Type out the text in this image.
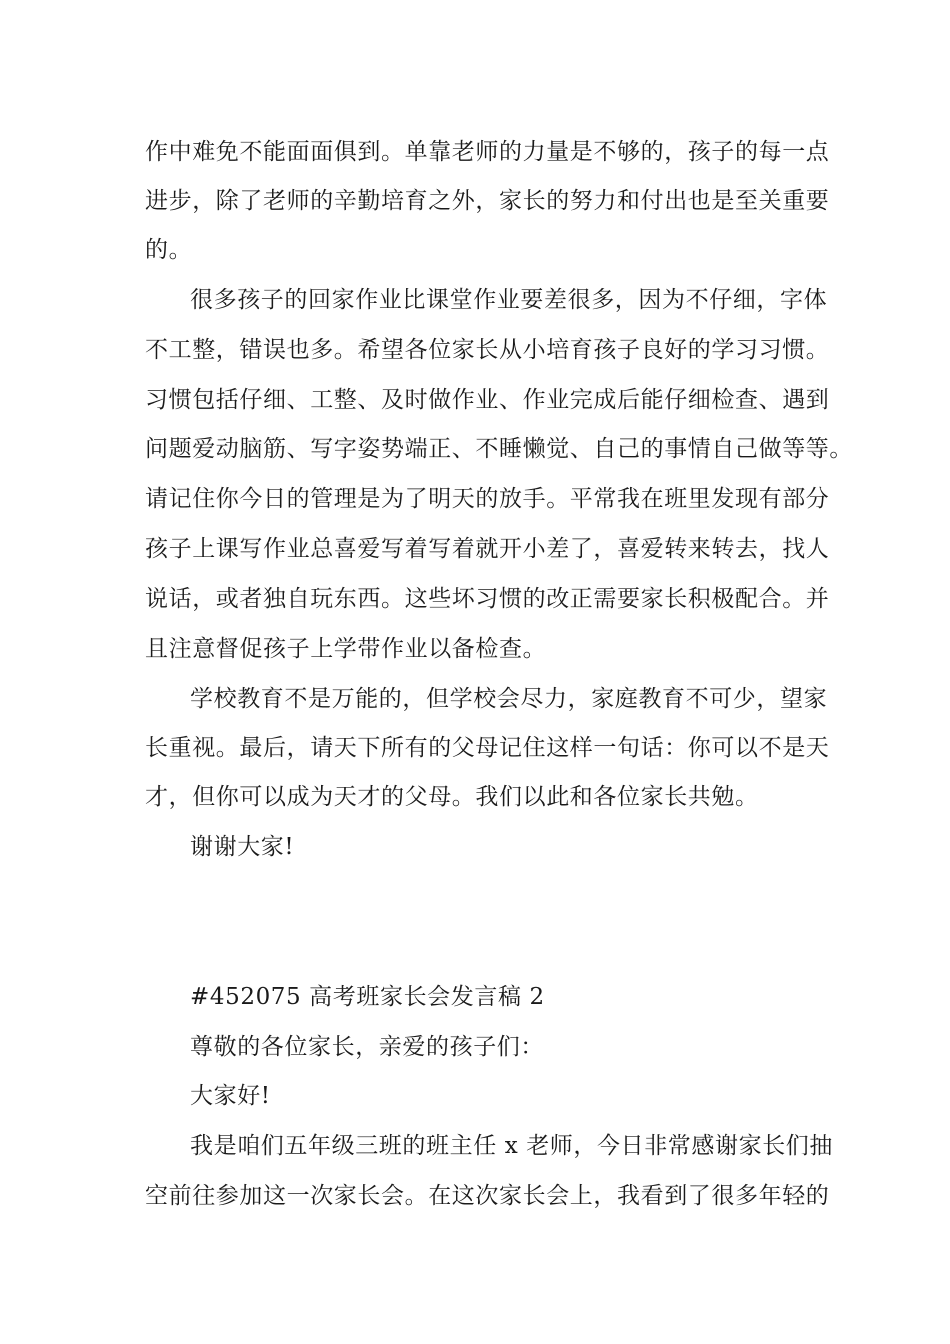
作中难免不能面面俱到。单靠老师的力量是不够的，孩子的每一点
进步，除了老师的辛勤培育之外，家长的努力和付出也是至关重要
的。
很多孩子的回家作业比课堂作业要差很多，因为不仔细，字体
不工整，错误也多。希望各位家长从小培育孩子良好的学习习惯。
习惯包括仔细、工整、及时做作业、作业完成后能仔细检查、遇到
问题爱动脑筋、写字姿势端正、不睡懒觉、自己的事情自己做等等。
请记住你今日的管理是为了明天的放手。平常我在班里发现有部分
孩子上课写作业总喜爱写着写着就开小差了，喜爱转来转去，找人
说话，或者独自玩东西。这些坏习惯的改正需要家长积极配合。并
且注意督促孩子上学带作业以备检查。
学校教育不是万能的，但学校会尽力，家庭教育不可少，望家
长重视。最后，请天下所有的父母记住这样一句话：你可以不是天
才，但你可以成为天才的父母。我们以此和各位家长共勉。
谢谢大家!
#452075 高考班家长会发言稿 2
尊敬的各位家长，亲爱的孩子们：
大家好!
我是咱们五年级三班的班主任 x 老师，今日非常感谢家长们抽
空前往参加这一次家长会。在这次家长会上，我看到了很多年轻的
